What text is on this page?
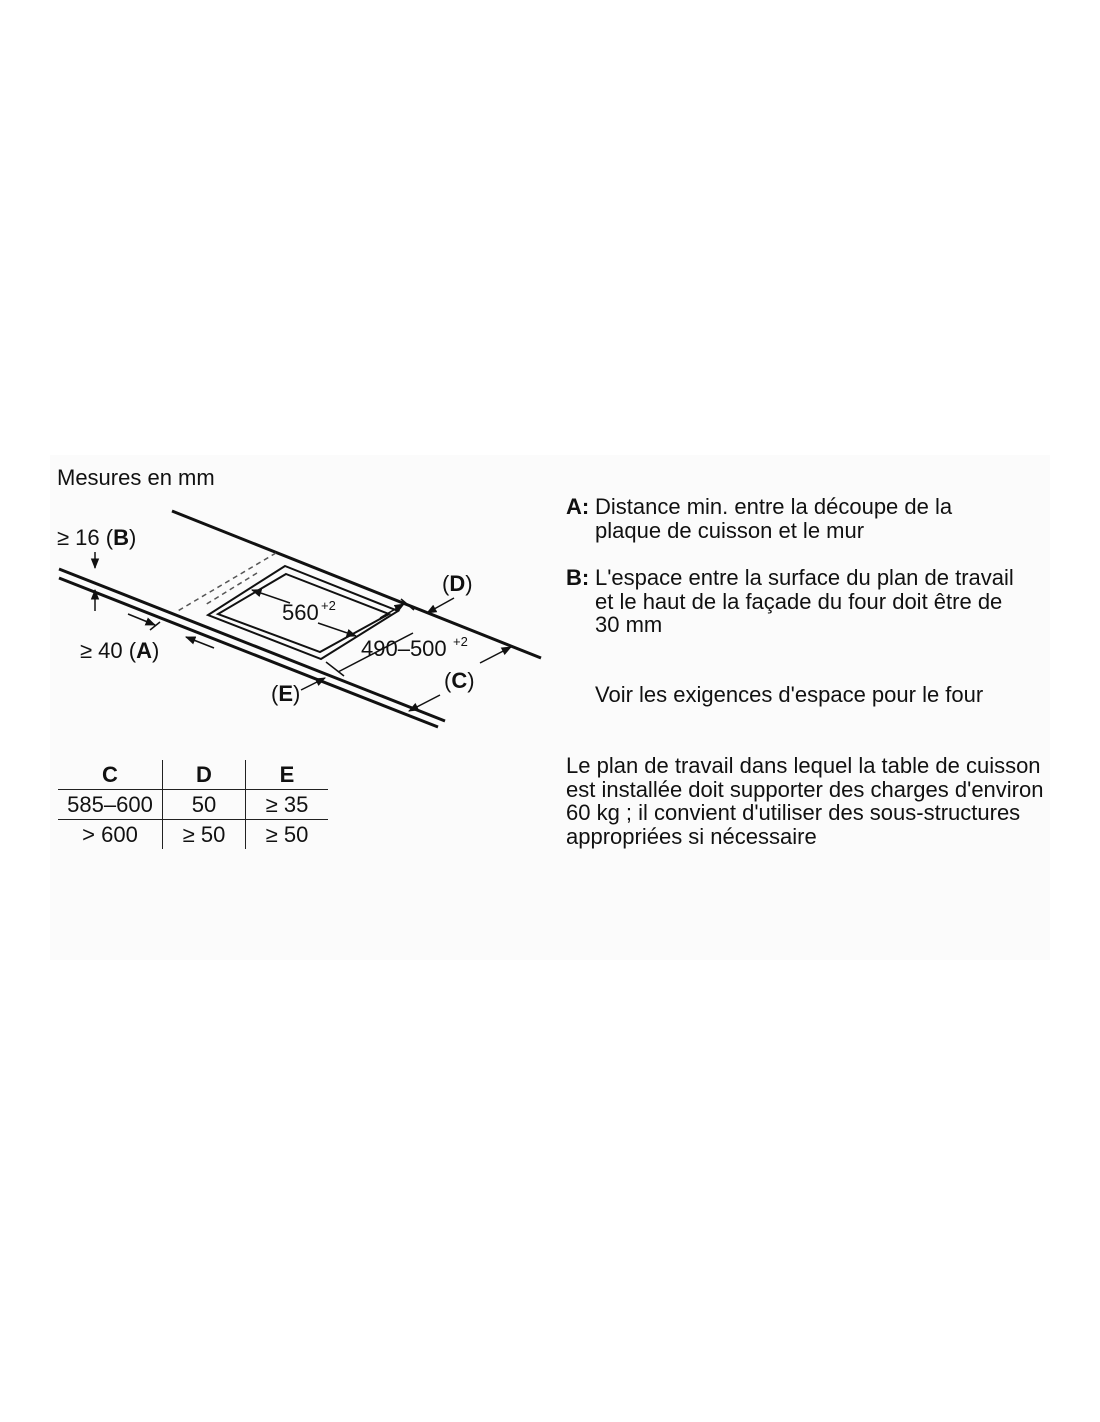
Mesures en mm
560 +2
490–500 +2
≥ 16 (B)
≥ 40 (A)
(D)
(C)
(E)
C	D	E
585–600	50	≥ 35
> 600	≥ 50	≥ 50
A: Distance min. entre la découpe de la plaque de cuisson et le mur
B: L'espace entre la surface du plan de travail et le haut de la façade du four doit être de 30 mm
Voir les exigences d'espace pour le four
Le plan de travail dans lequel la table de cuisson est installée doit supporter des charges d'environ 60 kg ; il convient d'utiliser des sous-structures appropriées si nécessaire
